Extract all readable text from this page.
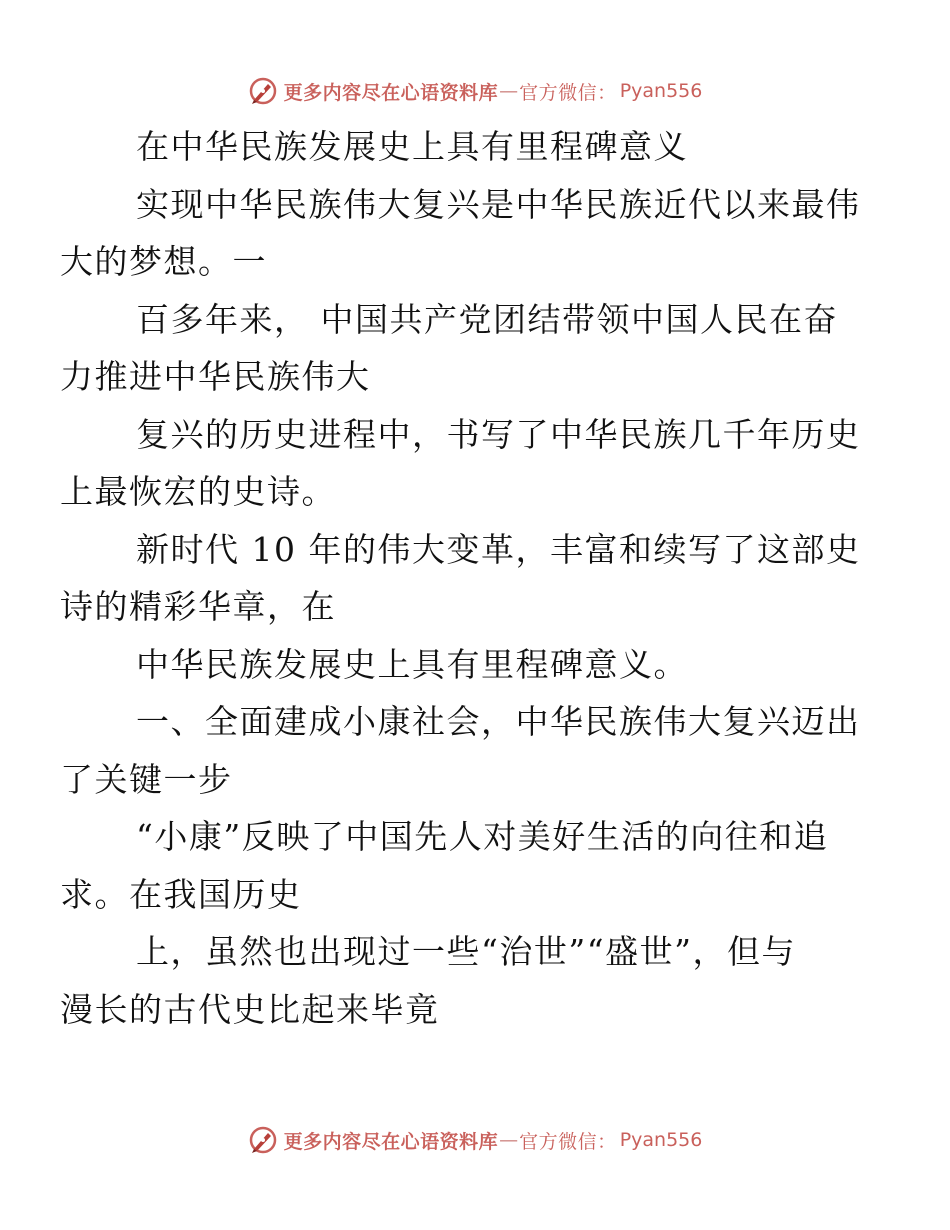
更多内容尽在心语资料库 — 官方微信： Pyan556

在中华民族发展史上具有里程碑意义

实现中华民族伟大复兴是中华民族近代以来最伟
大的梦想。一

百多年来， 中国共产党团结带领中国人民在奋
力推进中华民族伟大

复兴的历史进程中，书写了中华民族几千年历史
上最恢宏的史诗。

新时代 10 年的伟大变革，丰富和续写了这部史
诗的精彩华章，在

中华民族发展史上具有里程碑意义。

一、全面建成小康社会，中华民族伟大复兴迈出
了关键一步

“小康”反映了中国先人对美好生活的向往和追
求。在我国历史

上，虽然也出现过一些“治世”“盛世”，但与
漫长的古代史比起来毕竟

更多内容尽在心语资料库 — 官方微信： Pyan556
